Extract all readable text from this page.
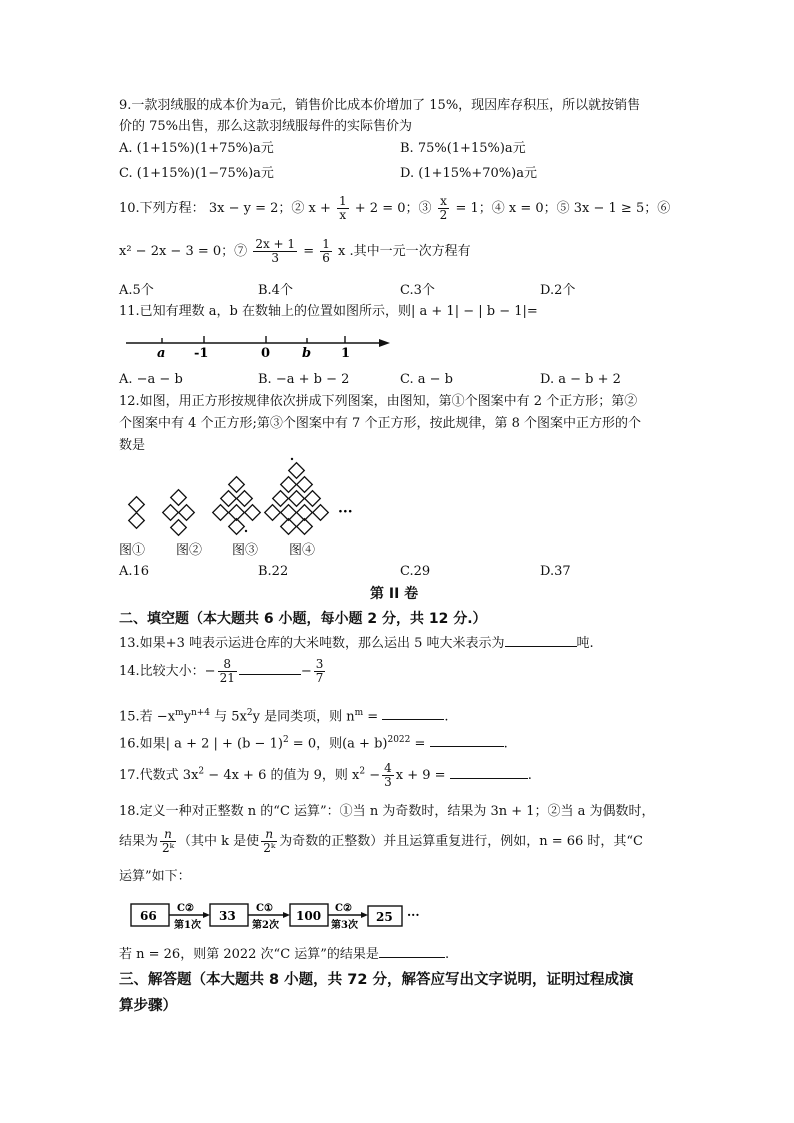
9.一款羽绒服的成本价为a元，销售价比成本价增加了 15%，现因库存积压，所以就按销售
价的 75%出售，那么这款羽绒服每件的实际售价为
A. (1+15%)(1+75%)a元	B. 75%(1+15%)a元
C. (1+15%)(1−75%)a元	D. (1+15%+70%)a元
10.下列方程： 3x − y = 2；② $x + \frac{1}{x} + 2 = 0$；③ $\frac{x}{2} = 1$；④ x = 0；⑤ 3x − 1 ≥ 5；⑥
x² − 2x − 3 = 0；⑦ $\frac{2x + 1}{3} = \frac{1}{6}$ x .其中一元一次方程有
A.5个	B.4个	C.3个	D.2个
11.已知有理数 a，b 在数轴上的位置如图所示，则| a + 1| − | b − 1|=
a -1	0 b 1
A. −a − b	B. −a + b − 2	C. a − b	D. a − b + 2
12.如图，用正方形按规律依次拼成下列图案，由图知，第①个图案中有 2 个正方形；第②
个图案中有 4 个正方形;第③个图案中有 7 个正方形，按此规律，第 8 个图案中正方形的个
数是
···
图① 图② 图③ 图④
A.16	B.22	C.29	D.37
第 II 卷
二、填空题（本大题共 6 小题，每小题 2 分，共 12 分.）
13.如果+3 吨表示运进仓库的大米吨数，那么运出 5 吨大米表示为	吨.
14.比较大小：− $\frac{8}{21}$	− $\frac{3}{7}$
15.若 $-x^my^{n+4}$ 与 $5x^2y$ 是同类项，则 $n^m$ =	.
16.如果| a + 2 | + $(b - 1)^2 = 0$，则$(a + b)^{2022}$ =	.
17.代数式 $3x^2 - 4x + 6$ 的值为 9，则 $x^2 - \frac{4}{3}$ x + 9 =	.
18.定义一种对正整数 n 的“C 运算”：①当 n 为奇数时，结果为 3n + 1；②当 a 为偶数时，
结果为 $\frac{n}{\text{2ᵏ}}$ （其中 k 是使 $\frac{n}{\text{2ᵏ}}$ 为奇数的正整数）并且运算重复进行，例如，n = 66 时，其“C
运算”如下：
66	33	100	25
C②	C①	C②
第1次	第2次	第3次
···
若 n = 26，则第 2022 次“C 运算”的结果是	.
三、解答题（本大题共 8 小题，共 72 分，解答应写出文字说明，证明过程成演
算步骤）
